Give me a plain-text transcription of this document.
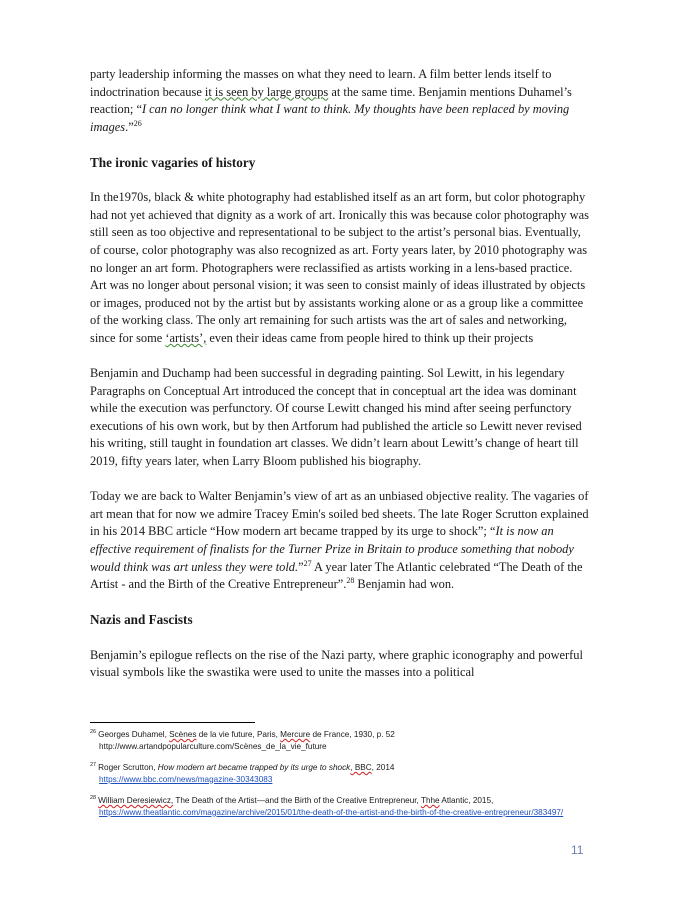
party leadership informing the masses on what they need to learn. A film better lends itself to indoctrination because it is seen by large groups at the same time. Benjamin mentions Duhamel’s reaction; “I can no longer think what I want to think. My thoughts have been replaced by moving images.”$^{26}$

The ironic vagaries of history

In the1970s, black & white photography had established itself as an art form, but color photography had not yet achieved that dignity as a work of art. Ironically this was because color photography was still seen as too objective and representational to be subject to the artist’s personal bias. Eventually, of course, color photography was also recognized as art. Forty years later, by 2010 photography was no longer an art form. Photographers were reclassified as artists working in a lens-based practice. Art was no longer about personal vision; it was seen to consist mainly of ideas illustrated by objects or images, produced not by the artist but by assistants working alone or as a group like a committee of the working class. The only art remaining for such artists was the art of sales and networking, since for some ‘artists’, even their ideas came from people hired to think up their projects

Benjamin and Duchamp had been successful in degrading painting. Sol Lewitt, in his legendary Paragraphs on Conceptual Art introduced the concept that in conceptual art the idea was dominant while the execution was perfunctory. Of course Lewitt changed his mind after seeing perfunctory executions of his own work, but by then Artforum had published the article so Lewitt never revised his writing, still taught in foundation art classes. We didn’t learn about Lewitt’s change of heart till 2019, fifty years later, when Larry Bloom published his biography.

Today we are back to Walter Benjamin’s view of art as an unbiased objective reality. The vagaries of art mean that for now we admire Tracey Emin's soiled bed sheets. The late Roger Scrutton explained in his 2014 BBC article “How modern art became trapped by its urge to shock”; “It is now an effective requirement of finalists for the Turner Prize in Britain to produce something that nobody would think was art unless they were told.”$^{27}$ A year later The Atlantic celebrated “The Death of the Artist - and the Birth of the Creative Entrepreneur”.$^{28}$ Benjamin had won.

Nazis and Fascists

Benjamin’s epilogue reflects on the rise of the Nazi party, where graphic iconography and powerful visual symbols like the swastika were used to unite the masses into a political

$^{26}$ Georges Duhamel, Scènes de la vie future, Paris, Mercure de France, 1930, p. 52
http://www.artandpopularculture.com/Scènes_de_la_vie_future
$^{27}$ Roger Scrutton, How modern art became trapped by its urge to shock, BBC, 2014
https://www.bbc.com/news/magazine-30343083
$^{28}$ William Deresiewicz, The Death of the Artist—and the Birth of the Creative Entrepreneur, Thhe Atlantic, 2015,
https://www.theatlantic.com/magazine/archive/2015/01/the-death-of-the-artist-and-the-birth-of-the-creative-entrepreneur/383497/
11
